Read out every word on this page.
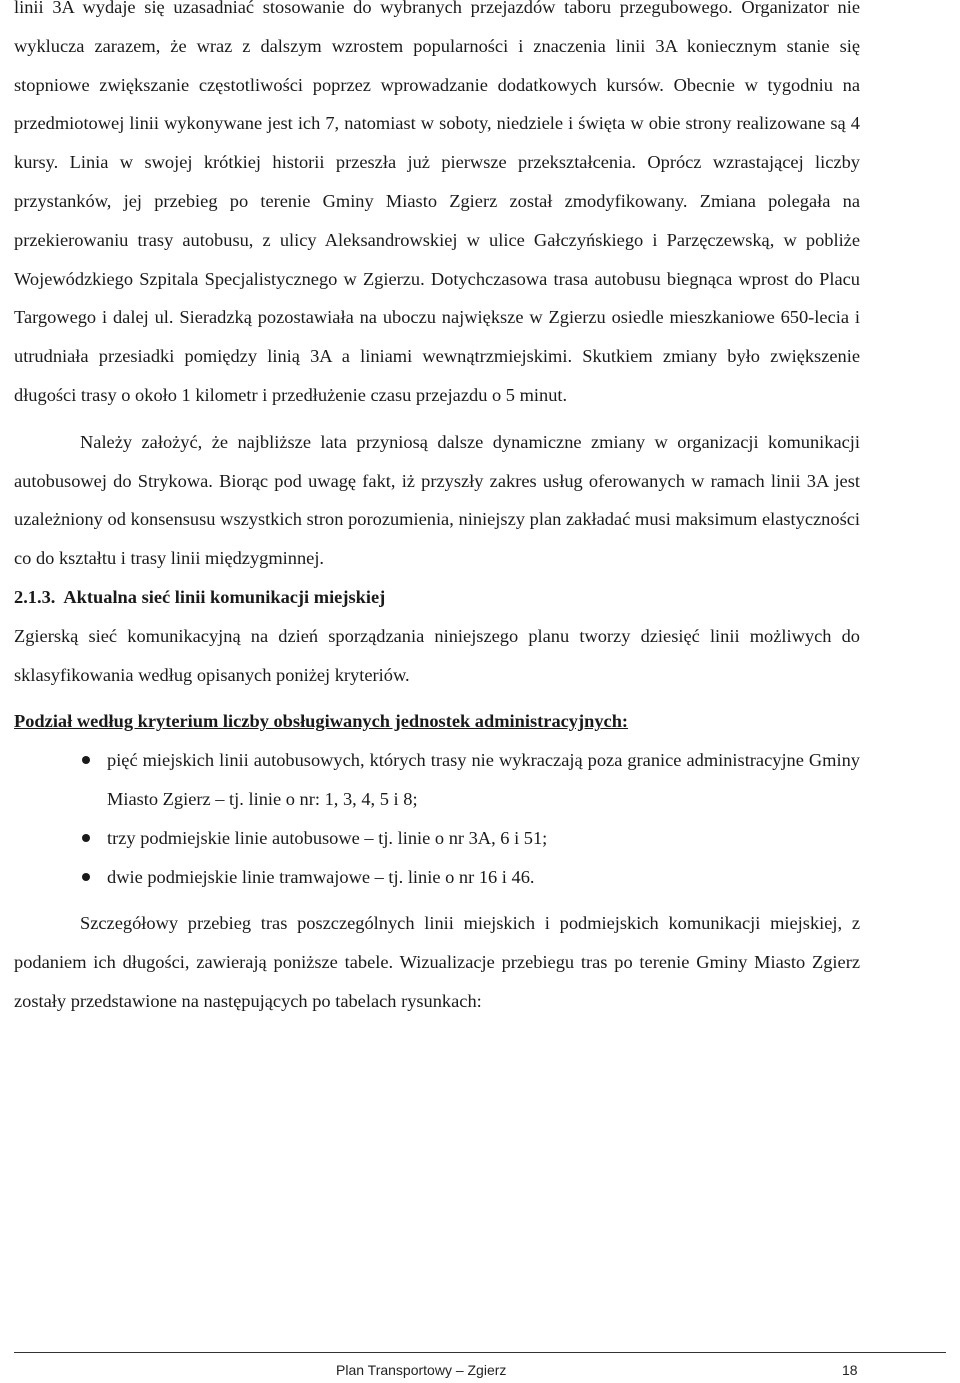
linii 3A wydaje się uzasadniać stosowanie do wybranych przejazdów taboru przegubowego. Organizator nie wyklucza zarazem, że wraz z dalszym wzrostem popularności i znaczenia linii 3A koniecznym stanie się stopniowe zwiększanie częstotliwości poprzez wprowadzanie dodatkowych kursów. Obecnie w tygodniu na przedmiotowej linii wykonywane jest ich 7, natomiast w soboty, niedziele i święta w obie strony realizowane są 4 kursy. Linia w swojej krótkiej historii przeszła już pierwsze przekształcenia. Oprócz wzrastającej liczby przystanków, jej przebieg po terenie Gminy Miasto Zgierz został zmodyfikowany. Zmiana polegała na przekierowaniu trasy autobusu, z ulicy Aleksandrowskiej w ulice Gałczyńskiego i Parzęczewską, w pobliże Wojewódzkiego Szpitala Specjalistycznego w Zgierzu. Dotychczasowa trasa autobusu biegnąca wprost do Placu Targowego i dalej ul. Sieradzką pozostawiała na uboczu największe w Zgierzu osiedle mieszkaniowe 650-lecia i utrudniała przesiadki pomiędzy linią 3A a liniami wewnątrzmiejskimi. Skutkiem zmiany było zwiększenie długości trasy o około 1 kilometr i przedłużenie czasu przejazdu o 5 minut.

Należy założyć, że najbliższe lata przyniosą dalsze dynamiczne zmiany w organizacji komunikacji autobusowej do Strykowa. Biorąc pod uwagę fakt, iż przyszły zakres usług oferowanych w ramach linii 3A jest uzależniony od konsensusu wszystkich stron porozumienia, niniejszy plan zakładać musi maksimum elastyczności co do kształtu i trasy linii międzygminnej.

2.1.3. Aktualna sieć linii komunikacji miejskiej

Zgierską sieć komunikacyjną na dzień sporządzania niniejszego planu tworzy dziesięć linii możliwych do sklasyfikowania według opisanych poniżej kryteriów.

Podział według kryterium liczby obsługiwanych jednostek administracyjnych:

pięć miejskich linii autobusowych, których trasy nie wykraczają poza granice administracyjne Gminy Miasto Zgierz – tj. linie o nr: 1, 3, 4, 5 i 8;
trzy podmiejskie linie autobusowe – tj. linie o nr 3A, 6 i 51;
dwie podmiejskie linie tramwajowe – tj. linie o nr 16 i 46.

Szczegółowy przebieg tras poszczególnych linii miejskich i podmiejskich komunikacji miejskiej, z podaniem ich długości, zawierają poniższe tabele. Wizualizacje przebiegu tras po terenie Gminy Miasto Zgierz zostały przedstawione na następujących po tabelach rysunkach:

Plan Transportowy – Zgierz	18
